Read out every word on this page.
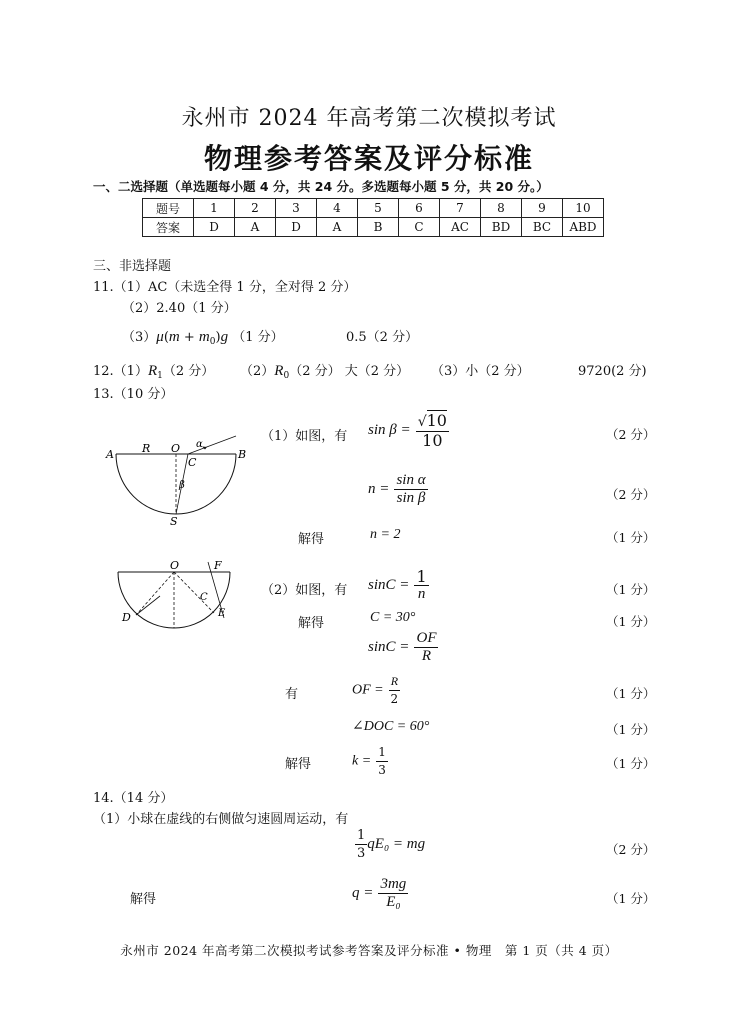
永州市 2024 年高考第二次模拟考试
物理参考答案及评分标准
一、二选择题（单选题每小题 4 分，共 24 分。多选题每小题 5 分，共 20 分。）
题号	1	2	3	4	5	6	7	8	9	10
答案	D	A	D	A	B	C	AC	BD	BC	ABD
三、非选择题
11.（1）AC（未选全得 1 分，全对得 2 分）
（2）2.40（1 分）
$(3)\mu(m + m_0)g$ （1 分）	0.5（2 分）
$12.(1)R_1(2$ 分） $(2)R_0(2$ 分） 大（2 分） （3）小（2 分）	9720(2 分)
13.（10 分）
A	R O α
C
B
β
S
（1）如图，有 $\sin \beta = \frac{√10}{10}$	（2 分）
$n = \frac{\text{sin α}}{\text{sin β}}$	（2 分）
解得	n = 2	（1 分）
O	F
C
D	E
（2）如图，有 $\sin C = \frac{1}{n}$	（1 分）
解得	C = 30°	（1 分）
$\sin C = \frac{OF}{R}$
有	OF = $\frac{R}{2}$	（1 分）
∠DOC = 60°	（1 分）
解得	$k = \frac{1}{3}$	（1 分）
14.（14 分）
（1）小球在虚线的右侧做匀速圆周运动，有
$\frac{1}{3} qE_0$ = mg	（2 分）
解得	$q = \frac{3mg}{\text{E₀}}$	（1 分）
永州市 2024 年高考第二次模拟考试参考答案及评分标准 • 物理　第 1 页（共 4 页）
